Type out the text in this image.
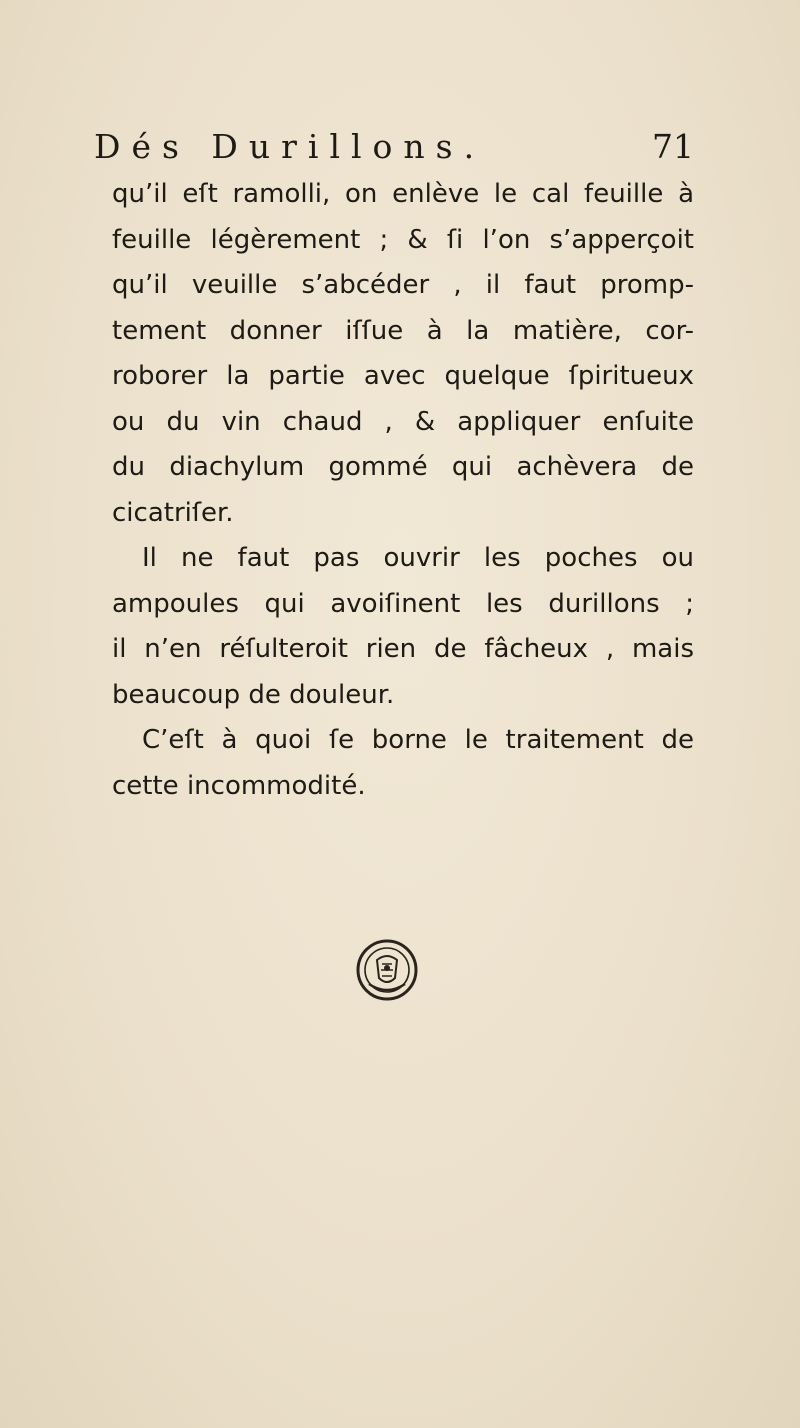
Dés Durillons.	71
qu’il eſt ramolli, on enlève le cal feuille à
feuille légèrement ; & ſi l’on s’apperçoit
qu’il veuille s’abcéder , il faut promp-
tement donner iſſue à la matière, cor-
roborer la partie avec quelque ſpiritueux
ou du vin chaud , & appliquer enſuite
du diachylum gommé qui achèvera de
cicatriſer.
Il ne faut pas ouvrir les poches ou
ampoules qui avoiſinent les durillons ;
il n’en réſulteroit rien de fâcheux , mais
beaucoup de douleur.
C’eſt à quoi ſe borne le traitement de
cette incommodité.
